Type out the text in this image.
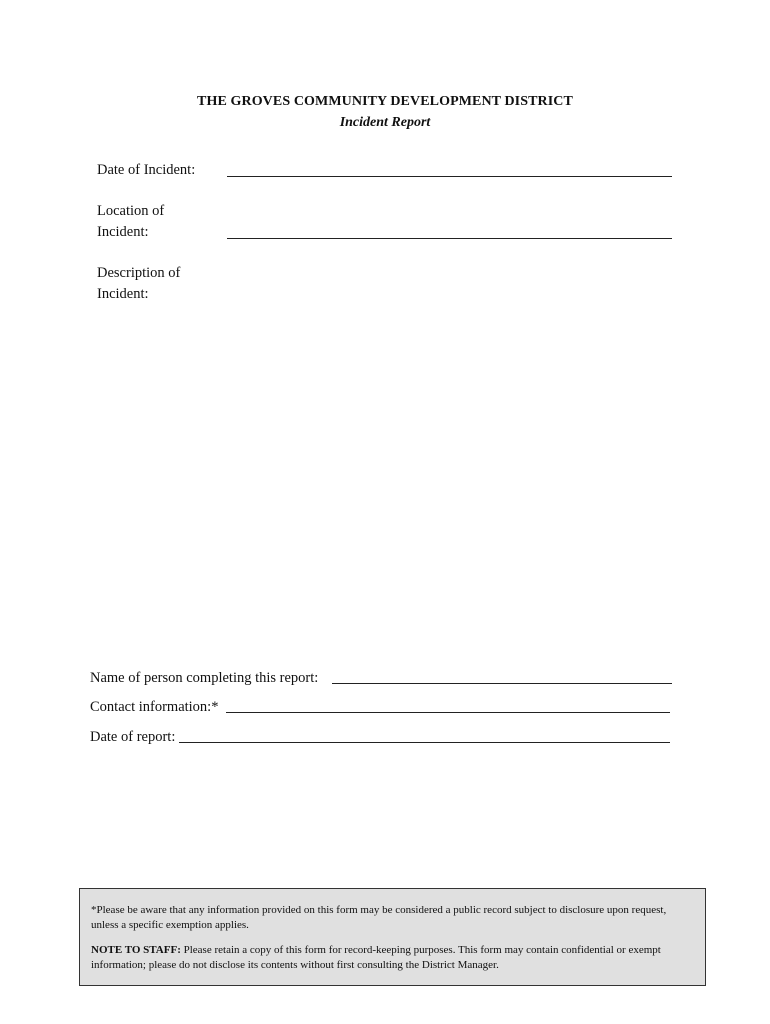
THE GROVES COMMUNITY DEVELOPMENT DISTRICT
Incident Report
Date of Incident:
Location of
Incident:
Description of
Incident:
Name of person completing this report:
Contact information:*
Date of report:

*Please be aware that any information provided on this form may be considered a public record subject to disclosure upon request, unless a specific exemption applies.

NOTE TO STAFF: Please retain a copy of this form for record-keeping purposes. This form may contain confidential or exempt information; please do not disclose its contents without first consulting the District Manager.
